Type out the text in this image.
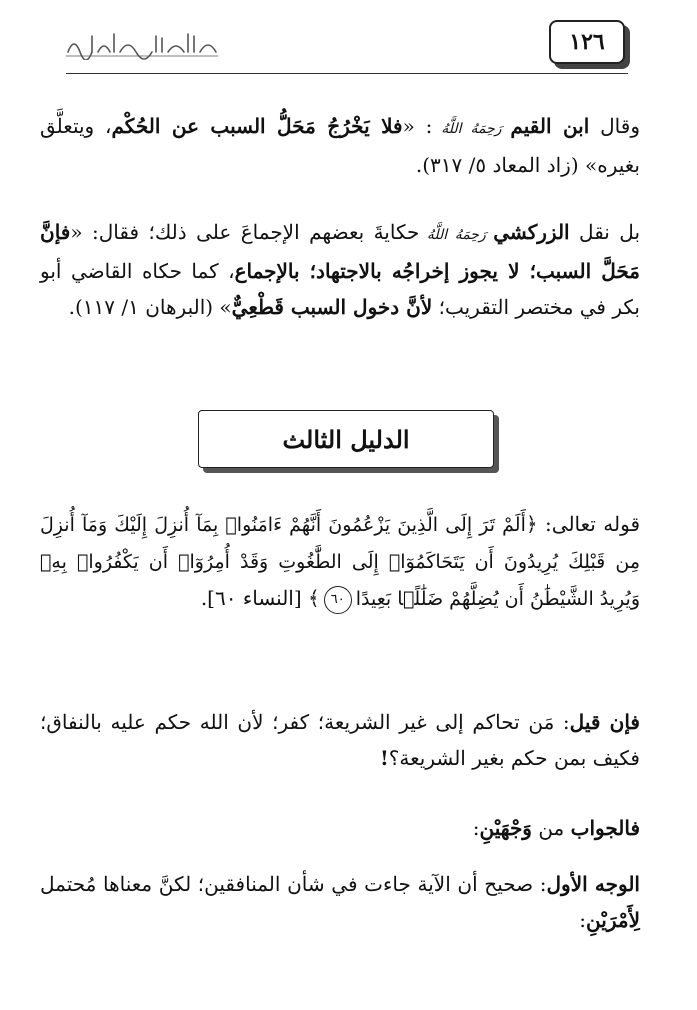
١٢٦
الحكم بغير ما أنزل الله
وقال ابن القيم رَحِمَهُ اللَّهُ : «فلا يَخْرُجُ مَحَلُّ السبب عن الحُكْم، ويتعلَّق بغيره» (زاد المعاد ٥/ ٣١٧).
بل نقل الزركشي رَحِمَهُ اللَّهُ حكايةَ بعضهم الإجماعَ على ذلك؛ فقال: «فإنَّ مَحَلَّ السبب؛ لا يجوز إخراجُه بالاجتهاد؛ بالإجماع، كما حكاه القاضي أبو بكر في مختصر التقريب؛ لأنَّ دخول السبب قَطْعِيٌّ» (البرهان ١/ ١١٧).
الدليل الثالث
قوله تعالى: ﴿أَلَمْ تَرَ إِلَى الَّذِينَ يَزْعُمُونَ أَنَّهُمْ ءَامَنُوا۟ بِمَآ أُنزِلَ إِلَيْكَ وَمَآ أُنزِلَ مِن قَبْلِكَ يُرِيدُونَ أَن يَتَحَاكَمُوٓا۟ إِلَى الطَّٰغُوتِ وَقَدْ أُمِرُوٓا۟ أَن يَكْفُرُوا۟ بِهِۦ وَيُرِيدُ الشَّيْطَٰنُ أَن يُضِلَّهُمْ ضَلَٰلًۢا بَعِيدًا٦٠﴾ [النساء ٦٠].
فإن قيل: مَن تحاكم إلى غير الشريعة؛ كفر؛ لأن الله حكم عليه بالنفاق؛ فكيف بمن حكم بغير الشريعة؟!
فالجواب من وَجْهَيْنِ:
الوجه الأول: صحيح أن الآية جاءت في شأن المنافقين؛ لكنَّ معناها مُحتمل لِأَمْرَيْنِ:
